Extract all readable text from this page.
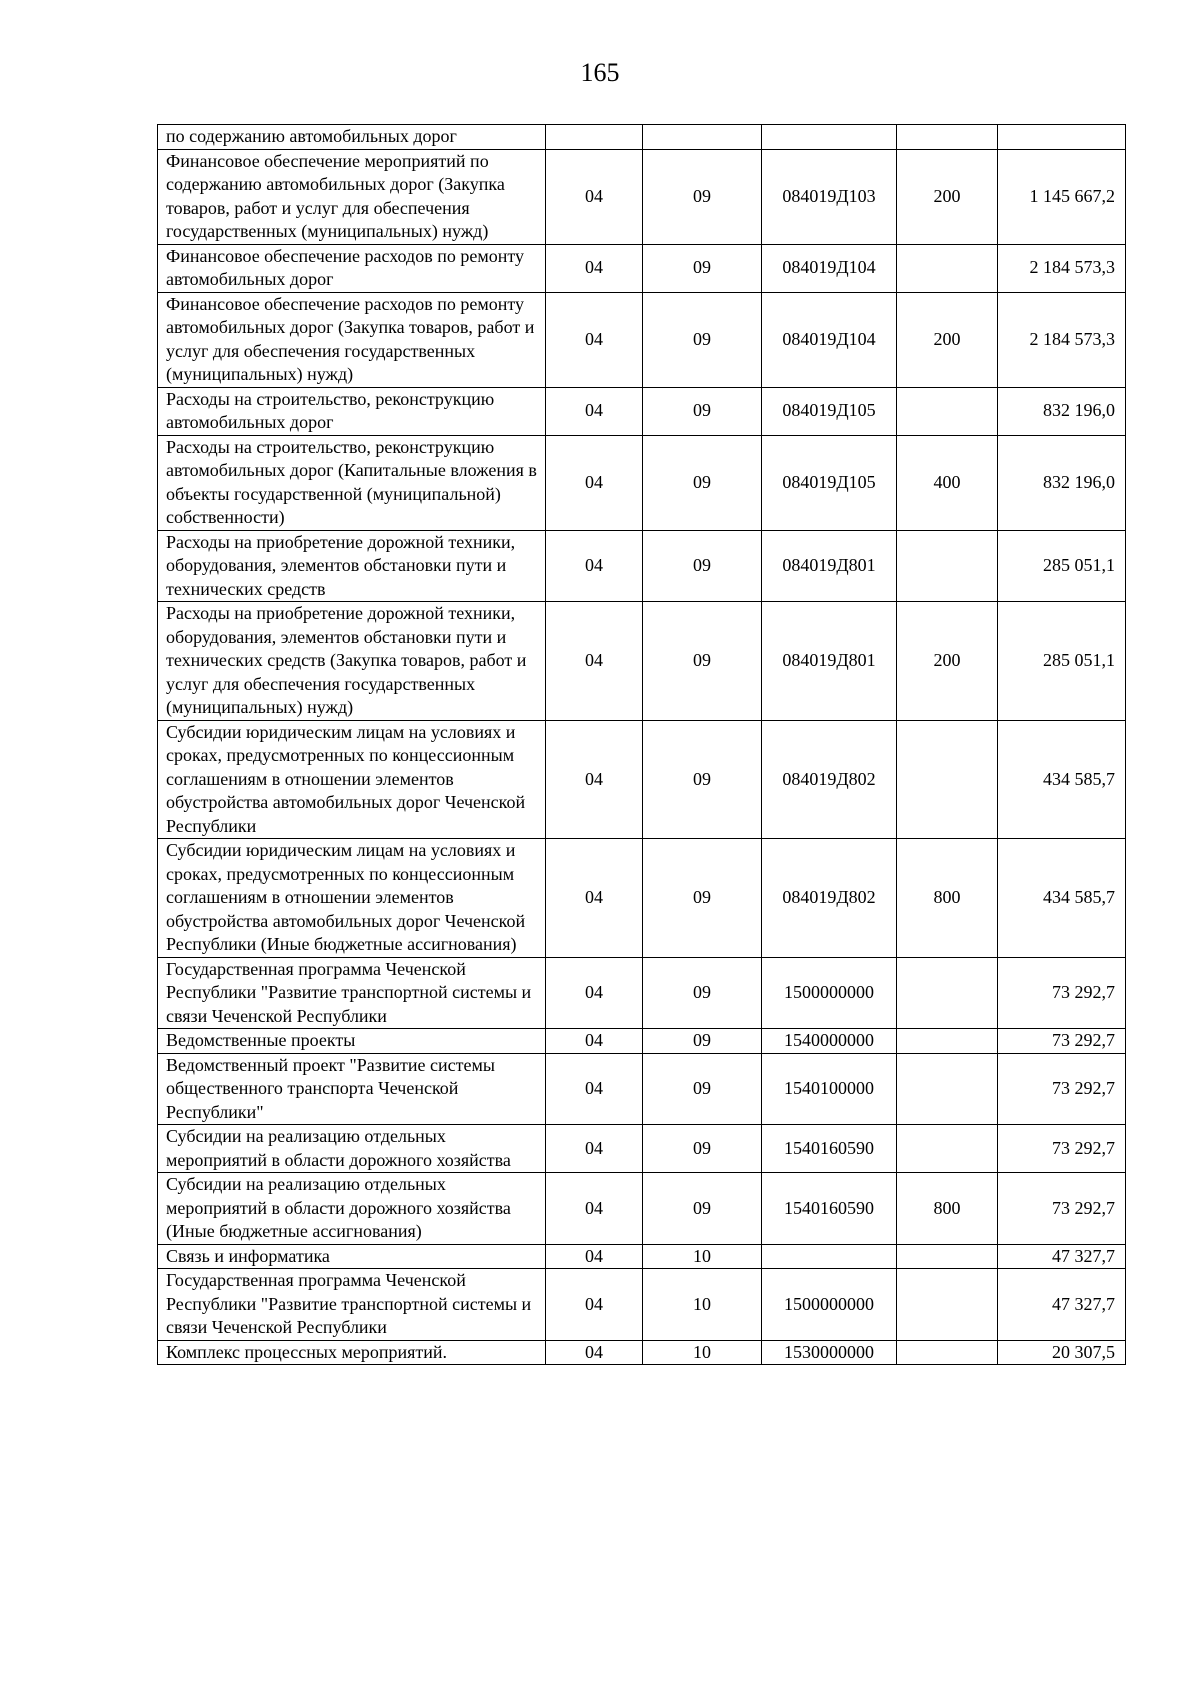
165
по содержанию автомобильных дорог					
Финансовое обеспечение мероприятий по содержанию автомобильных дорог (Закупка товаров, работ и услуг для обеспечения государственных (муниципальных) нужд)	04	09	084019Д103	200	1 145 667,2
Финансовое обеспечение расходов по ремонту автомобильных дорог	04	09	084019Д104		2 184 573,3
Финансовое обеспечение расходов по ремонту автомобильных дорог (Закупка товаров, работ и услуг для обеспечения государственных (муниципальных) нужд)	04	09	084019Д104	200	2 184 573,3
Расходы на строительство, реконструкцию автомобильных дорог	04	09	084019Д105		832 196,0
Расходы на строительство, реконструкцию автомобильных дорог (Капитальные вложения в объекты государственной (муниципальной) собственности)	04	09	084019Д105	400	832 196,0
Расходы на приобретение дорожной техники, оборудования, элементов обстановки пути и технических средств	04	09	084019Д801		285 051,1
Расходы на приобретение дорожной техники, оборудования, элементов обстановки пути и технических средств (Закупка товаров, работ и услуг для обеспечения государственных (муниципальных) нужд)	04	09	084019Д801	200	285 051,1
Субсидии юридическим лицам на условиях и сроках, предусмотренных по концессионным соглашениям в отношении элементов обустройства автомобильных дорог Чеченской Республики	04	09	084019Д802		434 585,7
Субсидии юридическим лицам на условиях и сроках, предусмотренных по концессионным соглашениям в отношении элементов обустройства автомобильных дорог Чеченской Республики (Иные бюджетные ассигнования)	04	09	084019Д802	800	434 585,7
Государственная программа Чеченской Республики "Развитие транспортной системы и связи Чеченской Республики	04	09	1500000000		73 292,7
Ведомственные проекты	04	09	1540000000		73 292,7
Ведомственный проект "Развитие системы общественного транспорта Чеченской Республики"	04	09	1540100000		73 292,7
Субсидии на реализацию отдельных мероприятий в области дорожного хозяйства	04	09	1540160590		73 292,7
Субсидии на реализацию отдельных мероприятий в области дорожного хозяйства (Иные бюджетные ассигнования)	04	09	1540160590	800	73 292,7
Связь и информатика	04	10			47 327,7
Государственная программа Чеченской Республики "Развитие транспортной системы и связи Чеченской Республики	04	10	1500000000		47 327,7
Комплекс процессных мероприятий.	04	10	1530000000		20 307,5
